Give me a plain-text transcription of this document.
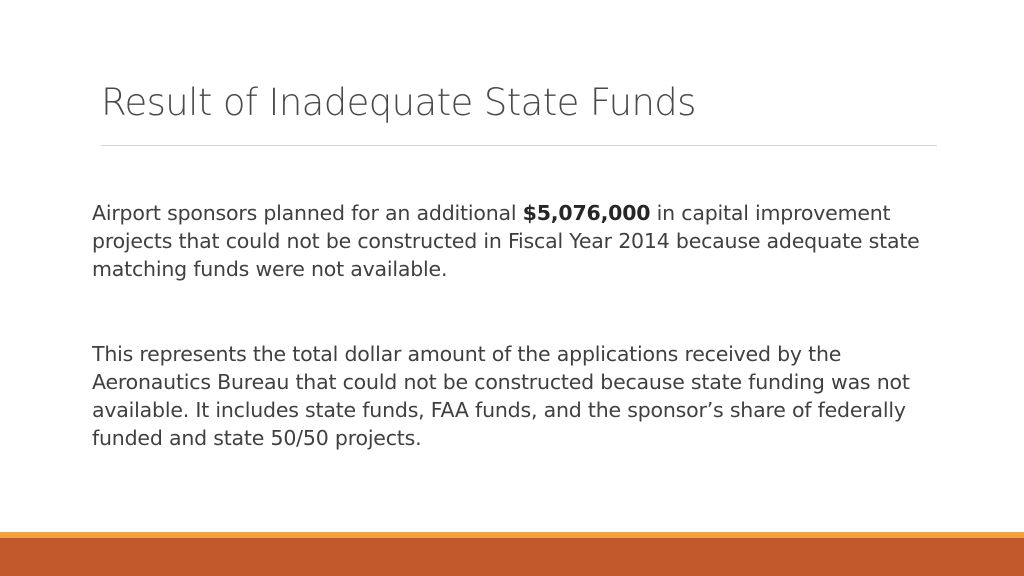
Result of Inadequate State Funds

Airport sponsors planned for an additional $5,076,000 in capital improvement projects that could not be constructed in Fiscal Year 2014 because adequate state matching funds were not available.

This represents the total dollar amount of the applications received by the Aeronautics Bureau that could not be constructed because state funding was not available. It includes state funds, FAA funds, and the sponsor’s share of federally funded and state 50/50 projects.
